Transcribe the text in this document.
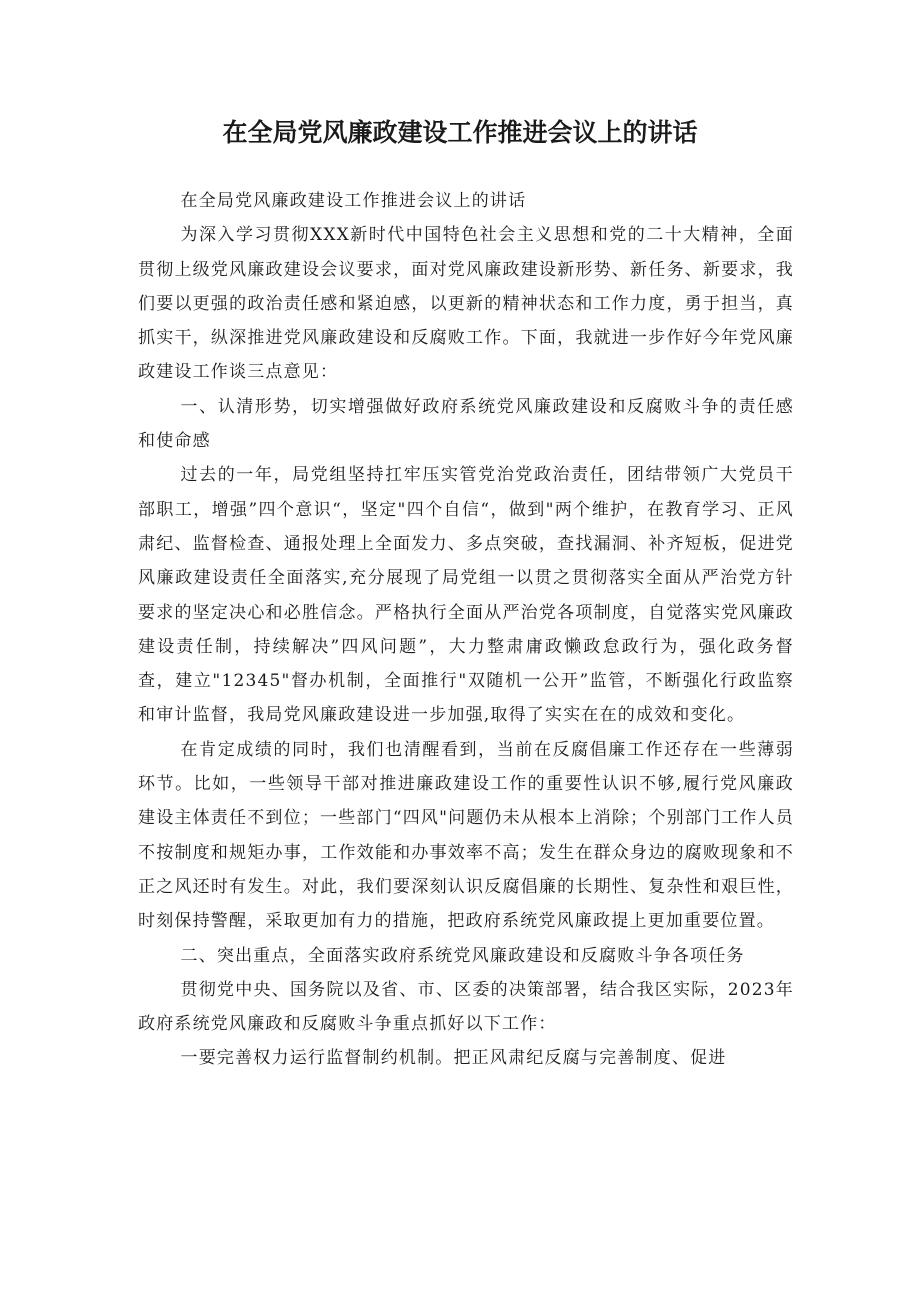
在全局党风廉政建设工作推进会议上的讲话

在全局党风廉政建设工作推进会议上的讲话

为深入学习贯彻XXX新时代中国特色社会主义思想和党的二十大精神，全面贯彻上级党风廉政建设会议要求，面对党风廉政建设新形势、新任务、新要求，我们要以更强的政治责任感和紧迫感，以更新的精神状态和工作力度，勇于担当，真抓实干，纵深推进党风廉政建设和反腐败工作。下面，我就进一步作好今年党风廉政建设工作谈三点意见：

一、认清形势，切实增强做好政府系统党风廉政建设和反腐败斗争的责任感和使命感

过去的一年，局党组坚持扛牢压实管党治党政治责任，团结带领广大党员干部职工，增强”四个意识“，坚定"四个自信“，做到"两个维护，在教育学习、正风肃纪、监督检查、通报处理上全面发力、多点突破，查找漏洞、补齐短板，促进党风廉政建设责任全面落实,充分展现了局党组一以贯之贯彻落实全面从严治党方针要求的坚定决心和必胜信念。严格执行全面从严治党各项制度，自觉落实党风廉政建设责任制，持续解决”四风问题”，大力整肃庸政懒政怠政行为，强化政务督查，建立"12345"督办机制，全面推行"双随机一公开”监管，不断强化行政监察和审计监督，我局党风廉政建设进一步加强,取得了实实在在的成效和变化。

在肯定成绩的同时，我们也清醒看到，当前在反腐倡廉工作还存在一些薄弱环节。比如，一些领导干部对推进廉政建设工作的重要性认识不够,履行党风廉政建设主体责任不到位；一些部门“四风"问题仍未从根本上消除；个别部门工作人员不按制度和规矩办事，工作效能和办事效率不高；发生在群众身边的腐败现象和不正之风还时有发生。对此，我们要深刻认识反腐倡廉的长期性、复杂性和艰巨性，时刻保持警醒，采取更加有力的措施，把政府系统党风廉政提上更加重要位置。

二、突出重点，全面落实政府系统党风廉政建设和反腐败斗争各项任务

贯彻党中央、国务院以及省、市、区委的决策部署，结合我区实际，2023年政府系统党风廉政和反腐败斗争重点抓好以下工作：

一要完善权力运行监督制约机制。把正风肃纪反腐与完善制度、促进
